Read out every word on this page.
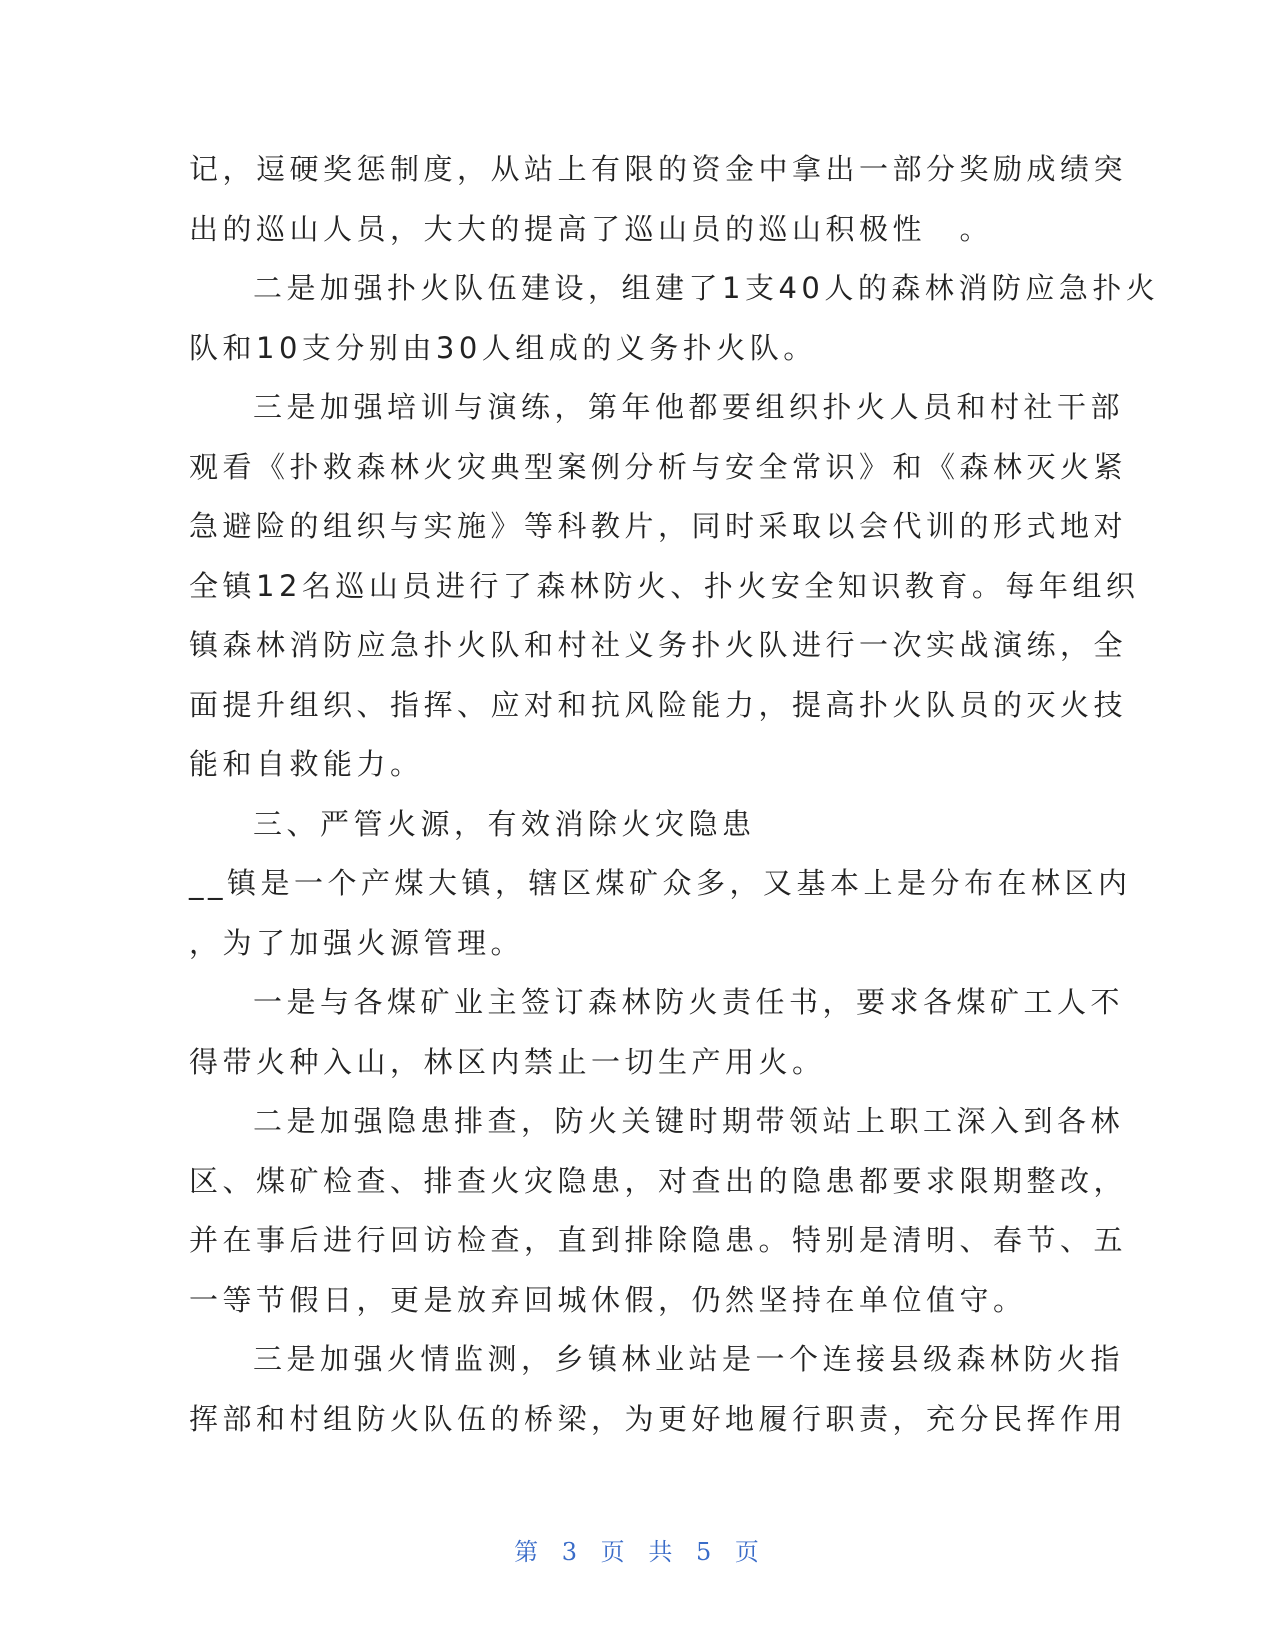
记，逗硬奖惩制度，从站上有限的资金中拿出一部分奖励成绩突
出的巡山人员，大大的提高了巡山员的巡山积极性　。
二是加强扑火队伍建设，组建了1支40人的森林消防应急扑火
队和10支分别由30人组成的义务扑火队。
三是加强培训与演练，第年他都要组织扑火人员和村社干部
观看《扑救森林火灾典型案例分析与安全常识》和《森林灭火紧
急避险的组织与实施》等科教片，同时采取以会代训的形式地对
全镇12名巡山员进行了森林防火、扑火安全知识教育。每年组织
镇森林消防应急扑火队和村社义务扑火队进行一次实战演练，全
面提升组织、指挥、应对和抗风险能力，提高扑火队员的灭火技
能和自救能力。
三、严管火源，有效消除火灾隐患
__镇是一个产煤大镇，辖区煤矿众多，又基本上是分布在林区内
，为了加强火源管理。
一是与各煤矿业主签订森林防火责任书，要求各煤矿工人不
得带火种入山，林区内禁止一切生产用火。
二是加强隐患排查，防火关键时期带领站上职工深入到各林
区、煤矿检查、排查火灾隐患，对查出的隐患都要求限期整改，
并在事后进行回访检查，直到排除隐患。特别是清明、春节、五
一等节假日，更是放弃回城休假，仍然坚持在单位值守。
三是加强火情监测，乡镇林业站是一个连接县级森林防火指
挥部和村组防火队伍的桥梁，为更好地履行职责，充分民挥作用
第 3 页 共 5 页
